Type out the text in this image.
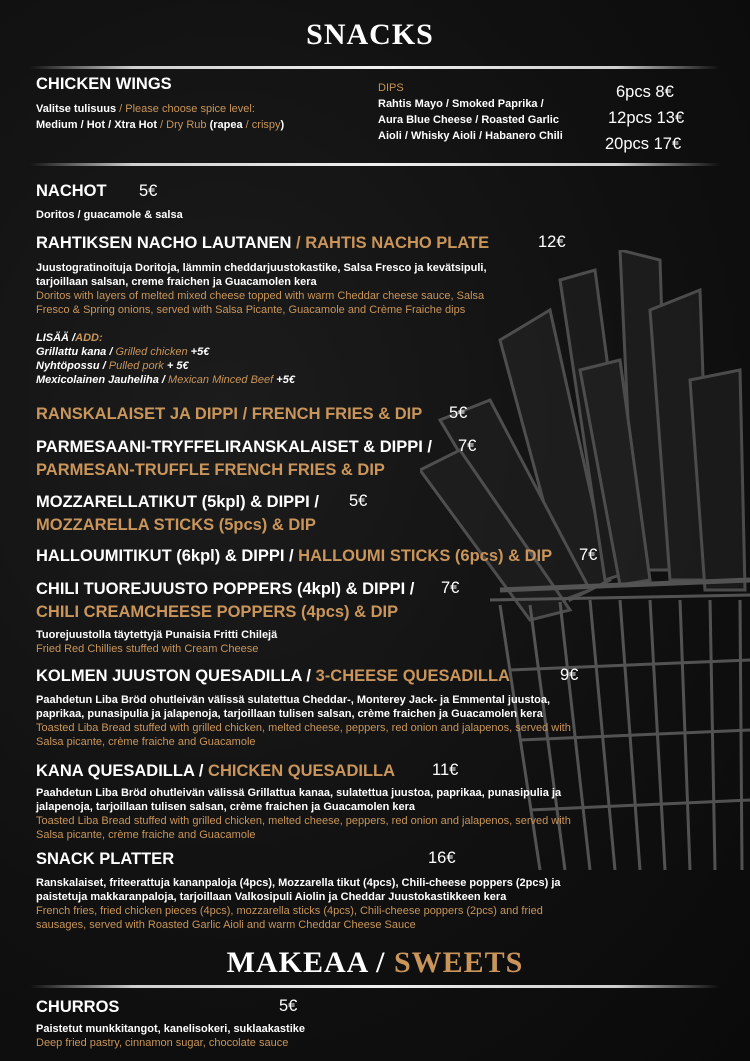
SNACKS
CHICKEN WINGS
Valitse tulisuus / Please choose spice level:
Medium / Hot / Xtra Hot / Dry Rub (rapea / crispy)
DIPS
Rahtis Mayo / Smoked Paprika /
Aura Blue Cheese / Roasted Garlic
Aioli / Whisky Aioli / Habanero Chili
6pcs 8€
12pcs 13€
20pcs 17€
NACHOT 5€
Doritos / guacamole & salsa
RAHTIKSEN NACHO LAUTANEN / RAHTIS NACHO PLATE	12€
Juustogratinoituja Doritoja, lämmin cheddarjuustokastike, Salsa Fresco ja kevätsipuli,
tarjoillaan salsan, creme fraichen ja Guacamolen kera
Doritos with layers of melted mixed cheese topped with warm Cheddar cheese sauce, Salsa
Fresco & Spring onions, served with Salsa Picante, Guacamole and Crème Fraiche dips
LISÄÄ /ADD:
Grillattu kana / Grilled chicken +5€
Nyhtöpossu / Pulled pork + 5€
Mexicolainen Jauheliha / Mexican Minced Beef +5€
RANSKALAISET JA DIPPI / FRENCH FRIES & DIP 5€
PARMESAANI-TRYFFELIRANSKALAISET & DIPPI / 7€
PARMESAN-TRUFFLE FRENCH FRIES & DIP
MOZZARELLATIKUT (5kpl) & DIPPI / 5€
MOZZARELLA STICKS (5pcs) & DIP
HALLOUMITIKUT (6kpl) & DIPPI / HALLOUMI STICKS (6pcs) & DIP 7€
CHILI TUOREJUUSTO POPPERS (4kpl) & DIPPI / 7€
CHILI CREAMCHEESE POPPERS (4pcs) & DIP
Tuorejuustolla täytettyjä Punaisia Fritti Chilejä
Fried Red Chillies stuffed with Cream Cheese
KOLMEN JUUSTON QUESADILLA / 3-CHEESE QUESADILLA	9€
Paahdetun Liba Bröd ohutleivän välissä sulatettua Cheddar-, Monterey Jack- ja Emmental juustoa,
paprikaa, punasipulia ja jalapenoja, tarjoillaan tulisen salsan, crème fraichen ja Guacamolen kera
Toasted Liba Bread stuffed with grilled chicken, melted cheese, peppers, red onion and jalapenos, served with
Salsa picante, crème fraiche and Guacamole
KANA QUESADILLA / CHICKEN QUESADILLA 11€
Paahdetun Liba Bröd ohutleivän välissä Grillattua kanaa, sulatettua juustoa, paprikaa, punasipulia ja
jalapenoja, tarjoillaan tulisen salsan, crème fraichen ja Guacamolen kera
Toasted Liba Bread stuffed with grilled chicken, melted cheese, peppers, red onion and jalapenos, served with
Salsa picante, crème fraiche and Guacamole
SNACK PLATTER	16€
Ranskalaiset, friteerattuja kananpaloja (4pcs), Mozzarella tikut (4pcs), Chili-cheese poppers (2pcs) ja
paistetuja makkaranpaloja, tarjoillaan Valkosipuli Aiolin ja Cheddar Juustokastikkeen kera
French fries, fried chicken pieces (4pcs), mozzarella sticks (4pcs), Chili-cheese poppers (2pcs) and fried
sausages, served with Roasted Garlic Aioli and warm Cheddar Cheese Sauce
MAKEAA / SWEETS
CHURROS	5€
Paistetut munkkitangot, kanelisokeri, suklaakastike
Deep fried pastry, cinnamon sugar, chocolate sauce
